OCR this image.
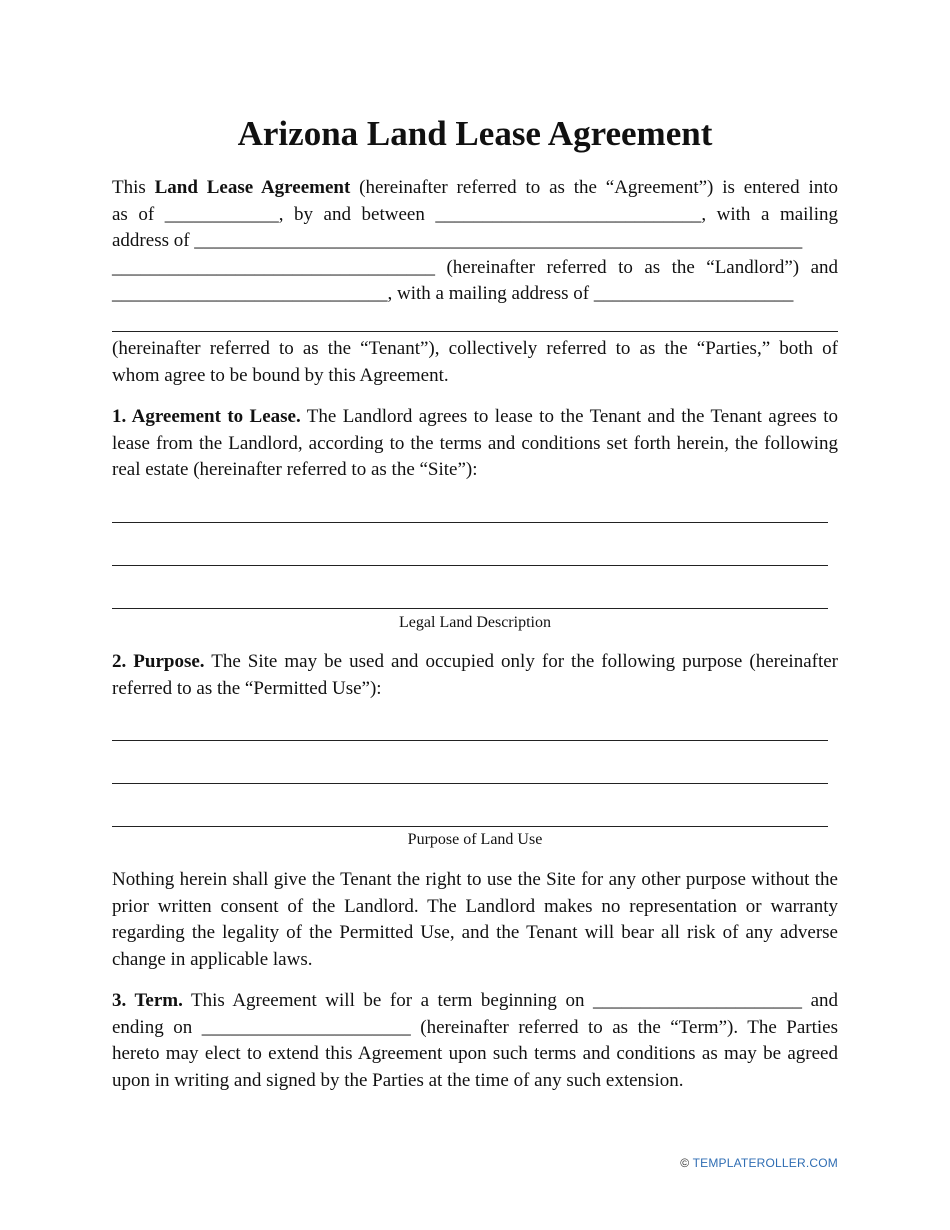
Arizona Land Lease Agreement
This Land Lease Agreement (hereinafter referred to as the “Agreement”) is entered into
as of ____________, by and between ____________________________, with a mailing
address of ________________________________________________________________
__________________________________ (hereinafter referred to as the “Landlord”) and
_____________________________, with a mailing address of _____________________
(hereinafter referred to as the “Tenant”), collectively referred to as the “Parties,” both of
whom agree to be bound by this Agreement.

1. Agreement to Lease. The Landlord agrees to lease to the Tenant and the Tenant agrees to lease from the Landlord, according to the terms and conditions set forth herein, the following real estate (hereinafter referred to as the “Site”):

Legal Land Description

2. Purpose. The Site may be used and occupied only for the following purpose (hereinafter referred to as the “Permitted Use”):

Purpose of Land Use

Nothing herein shall give the Tenant the right to use the Site for any other purpose without the prior written consent of the Landlord. The Landlord makes no representation or warranty regarding the legality of the Permitted Use, and the Tenant will bear all risk of any adverse change in applicable laws.

3. Term. This Agreement will be for a term beginning on ______________________ and ending on ______________________ (hereinafter referred to as the “Term”). The Parties hereto may elect to extend this Agreement upon such terms and conditions as may be agreed upon in writing and signed by the Parties at the time of any such extension.

© TEMPLATEROLLER.COM
